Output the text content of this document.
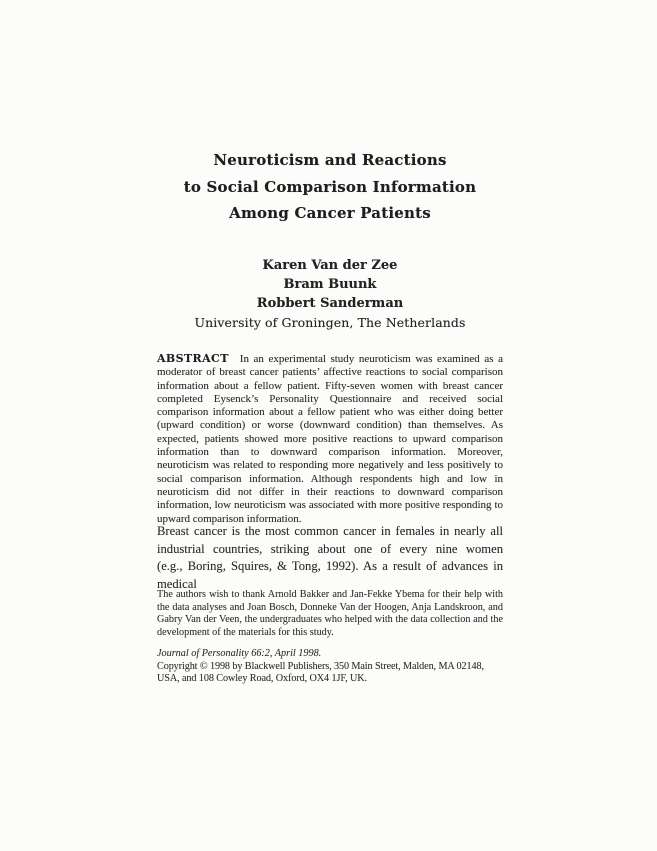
Neuroticism and Reactions
to Social Comparison Information
Among Cancer Patients
Karen Van der Zee
Bram Buunk
Robbert Sanderman
University of Groningen, The Netherlands

ABSTRACT In an experimental study neuroticism was examined as a moderator of breast cancer patients’ affective reactions to social comparison information about a fellow patient. Fifty-seven women with breast cancer completed Eysenck’s Personality Questionnaire and received social comparison information about a fellow patient who was either doing better (upward condition) or worse (downward condition) than themselves. As expected, patients showed more positive reactions to upward comparison information than to downward comparison information. Moreover, neuroticism was related to responding more negatively and less positively to social comparison information. Although respondents high and low in neuroticism did not differ in their reactions to downward comparison information, low neuroticism was associated with more positive responding to upward comparison information.

Breast cancer is the most common cancer in females in nearly all industrial countries, striking about one of every nine women (e.g., Boring, Squires, & Tong, 1992). As a result of advances in medical

The authors wish to thank Arnold Bakker and Jan-Fekke Ybema for their help with the data analyses and Joan Bosch, Donneke Van der Hoogen, Anja Landskroon, and Gabry Van der Veen, the undergraduates who helped with the data collection and the development of the materials for this study.

Journal of Personality 66:2, April 1998.

Copyright © 1998 by Blackwell Publishers, 350 Main Street, Malden, MA 02148, USA, and 108 Cowley Road, Oxford, OX4 1JF, UK.
